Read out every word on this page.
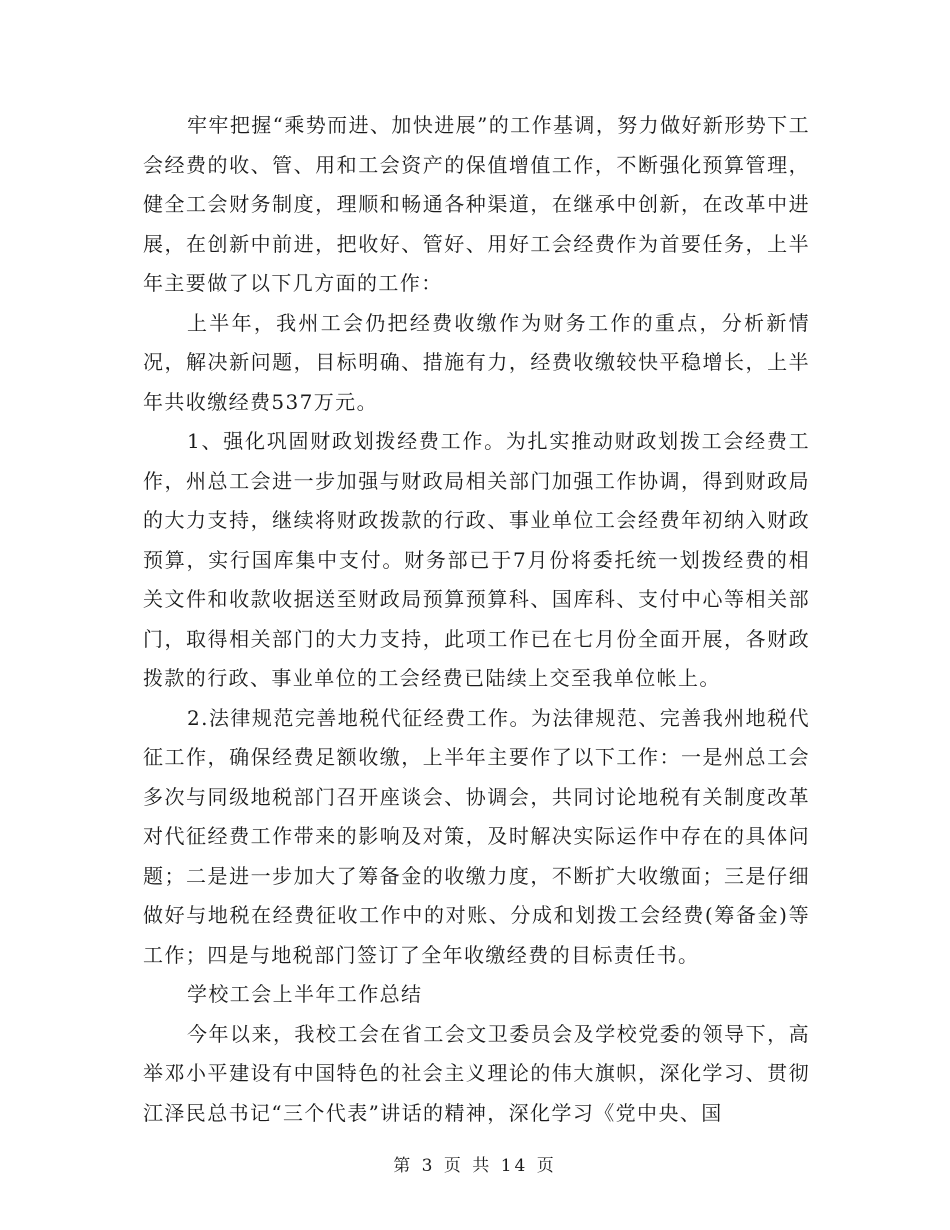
牢牢把握“乘势而进、加快进展”的工作基调，努力做好新形势下工会经费的收、管、用和工会资产的保值增值工作，不断强化预算管理，健全工会财务制度，理顺和畅通各种渠道，在继承中创新，在改革中进展，在创新中前进，把收好、管好、用好工会经费作为首要任务，上半年主要做了以下几方面的工作：

上半年，我州工会仍把经费收缴作为财务工作的重点，分析新情况，解决新问题，目标明确、措施有力，经费收缴较快平稳增长，上半年共收缴经费537万元。

1、强化巩固财政划拨经费工作。为扎实推动财政划拨工会经费工作，州总工会进一步加强与财政局相关部门加强工作协调，得到财政局的大力支持，继续将财政拨款的行政、事业单位工会经费年初纳入财政预算，实行国库集中支付。财务部已于7月份将委托统一划拨经费的相关文件和收款收据送至财政局预算预算科、国库科、支付中心等相关部门，取得相关部门的大力支持，此项工作已在七月份全面开展，各财政拨款的行政、事业单位的工会经费已陆续上交至我单位帐上。

2.法律规范完善地税代征经费工作。为法律规范、完善我州地税代征工作，确保经费足额收缴，上半年主要作了以下工作：一是州总工会多次与同级地税部门召开座谈会、协调会，共同讨论地税有关制度改革对代征经费工作带来的影响及对策，及时解决实际运作中存在的具体问题；二是进一步加大了筹备金的收缴力度，不断扩大收缴面；三是仔细做好与地税在经费征收工作中的对账、分成和划拨工会经费(筹备金)等工作；四是与地税部门签订了全年收缴经费的目标责任书。

学校工会上半年工作总结

今年以来，我校工会在省工会文卫委员会及学校党委的领导下，高举邓小平建设有中国特色的社会主义理论的伟大旗帜，深化学习、贯彻江泽民总书记“三个代表”讲话的精神，深化学习《党中央、国

第 3 页 共 14 页
